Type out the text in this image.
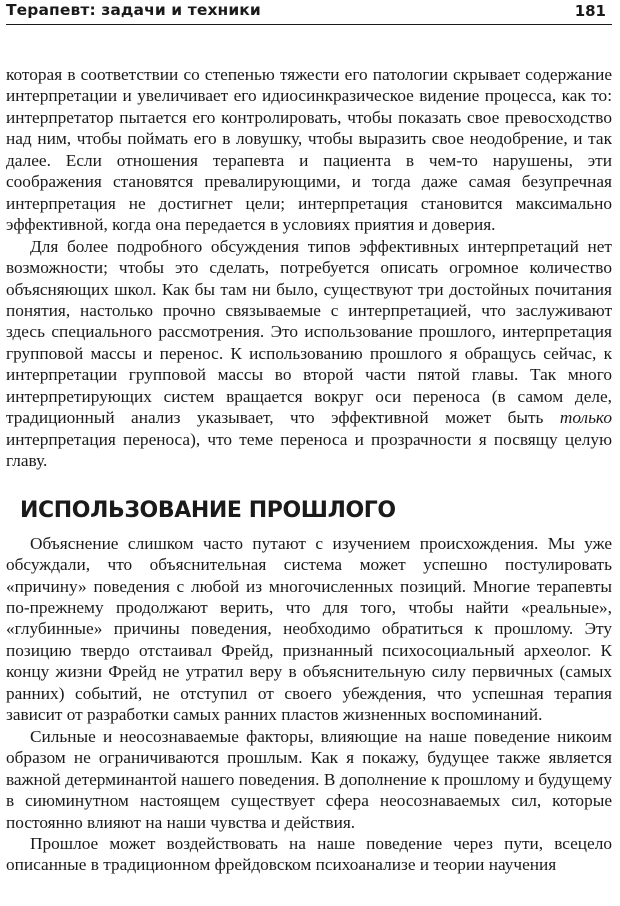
Терапевт: задачи и техники	181

которая в соответствии со степенью тяжести его патологии скрывает содержание интерпретации и увеличивает его идиосинкразическое видение процесса, как то: интерпретатор пытается его контролировать, чтобы показать свое превосходство над ним, чтобы поймать его в ловушку, чтобы выразить свое неодобрение, и так далее. Если отношения терапевта и пациента в чем-то нарушены, эти соображения становятся превалирующими, и тогда даже самая безупречная интерпретация не достигнет цели; интерпретация становится максимально эффективной, когда она передается в условиях приятия и доверия.

Для более подробного обсуждения типов эффективных интерпретаций нет возможности; чтобы это сделать, потребуется описать огромное количество объясняющих школ. Как бы там ни было, существуют три достойных почитания понятия, настолько прочно связываемые с интерпретацией, что заслуживают здесь специального рассмотрения. Это использование прошлого, интерпретация групповой массы и перенос. К использованию прошлого я обращусь сейчас, к интерпретации групповой массы во второй части пятой главы. Так много интерпретирующих систем вращается вокруг оси переноса (в самом деле, традиционный анализ указывает, что эффективной может быть только интерпретация переноса), что теме переноса и прозрачности я посвящу целую главу.

ИСПОЛЬЗОВАНИЕ ПРОШЛОГО

Объяснение слишком часто путают с изучением происхождения. Мы уже обсуждали, что объяснительная система может успешно постулировать «причину» поведения с любой из многочисленных позиций. Многие терапевты по-прежнему продолжают верить, что для того, чтобы найти «реальные», «глубинные» причины поведения, необходимо обратиться к прошлому. Эту позицию твердо отстаивал Фрейд, признанный психосоциальный археолог. К концу жизни Фрейд не утратил веру в объяснительную силу первичных (самых ранних) событий, не отступил от своего убеждения, что успешная терапия зависит от разработки самых ранних пластов жизненных воспоминаний.

Сильные и неосознаваемые факторы, влияющие на наше поведение никоим образом не ограничиваются прошлым. Как я покажу, будущее также является важной детерминантой нашего поведения. В дополнение к прошлому и будущему в сиюминутном настоящем существует сфера неосознаваемых сил, которые постоянно влияют на наши чувства и действия.

Прошлое может воздействовать на наше поведение через пути, всецело описанные в традиционном фрейдовском психоанализе и теории научения
